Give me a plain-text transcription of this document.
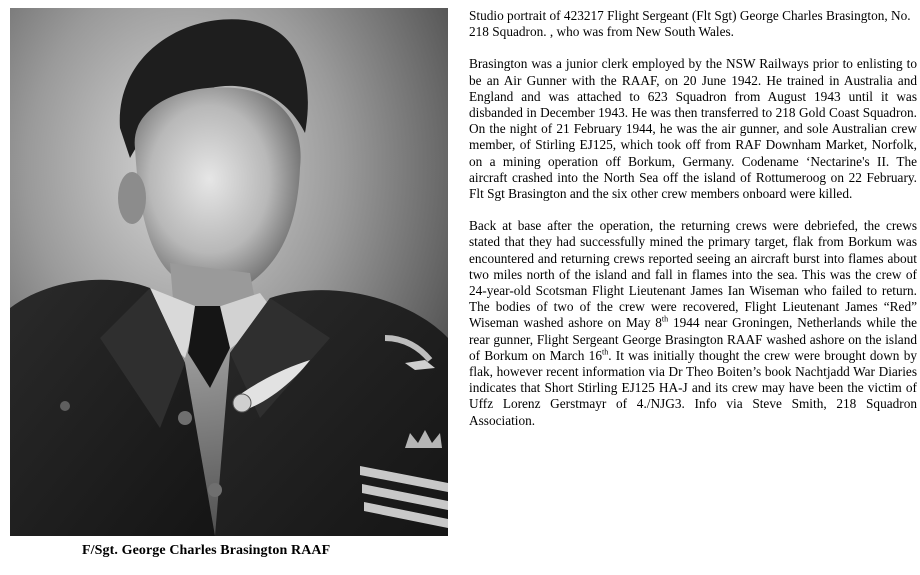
F/Sgt. George Charles Brasington RAAF

Studio portrait of 423217 Flight Sergeant (Flt Sgt) George Charles Brasington, No. 218 Squadron. , who was from New South Wales.

Brasington was a junior clerk employed by the NSW Railways prior to enlisting to be an Air Gunner with the RAAF, on 20 June 1942. He trained in Australia and England and was attached to 623 Squadron from August 1943 until it was disbanded in December 1943. He was then transferred to 218 Gold Coast Squadron. On the night of 21 February 1944, he was the air gunner, and sole Australian crew member, of Stirling EJ125, which took off from RAF Downham Market, Norfolk, on a mining operation off Borkum, Germany. Codename ‘Nectarine's II. The aircraft crashed into the North Sea off the island of Rottumeroog on 22 February. Flt Sgt Brasington and the six other crew members onboard were killed.

Back at base after the operation, the returning crews were debriefed, the crews stated that they had successfully mined the primary target, flak from Borkum was encountered and returning crews reported seeing an aircraft burst into flames about two miles north of the island and fall in flames into the sea. This was the crew of 24-year-old Scotsman Flight Lieutenant James Ian Wiseman who failed to return. The bodies of two of the crew were recovered, Flight Lieutenant James “Red” Wiseman washed ashore on May 8th 1944 near Groningen, Netherlands while the rear gunner, Flight Sergeant George Brasington RAAF washed ashore on the island of Borkum on March 16th. It was initially thought the crew were brought down by flak, however recent information via Dr Theo Boiten’s book Nachtjadd War Diaries indicates that Short Stirling EJ125 HA-J and its crew may have been the victim of Uffz Lorenz Gerstmayr of 4./NJG3. Info via Steve Smith, 218 Squadron Association.
